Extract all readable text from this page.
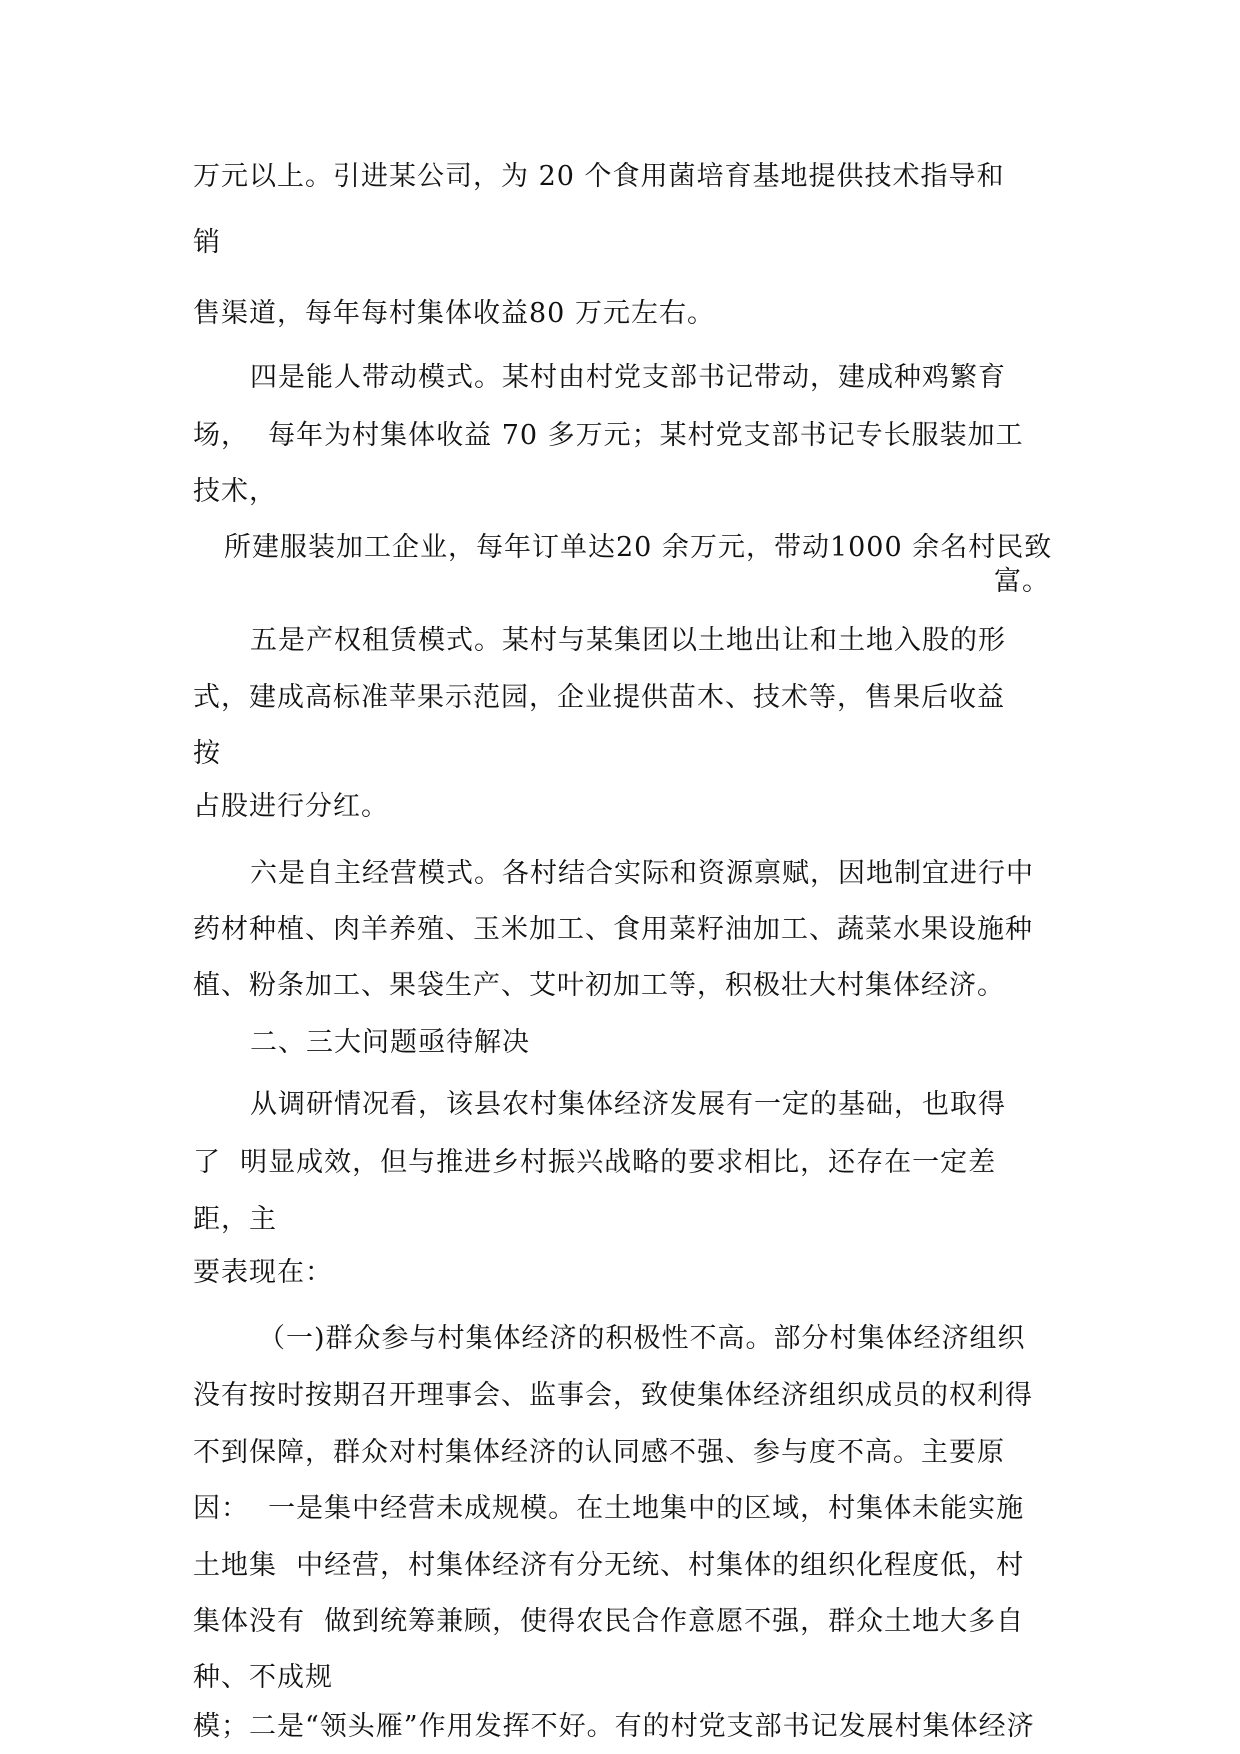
万元以上。引进某公司，为 20 个食用菌培育基地提供技术指导和
销
售渠道，每年每村集体收益80 万元左右。
四是能人带动模式。某村由村党支部书记带动，建成种鸡繁育
场，  每年为村集体收益 70 多万元；某村党支部书记专长服装加工
技术，
所建服装加工企业，每年订单达20 余万元，带动1000 余名村民致
富。
五是产权租赁模式。某村与某集团以土地出让和土地入股的形
式，建成高标准苹果示范园，企业提供苗木、技术等，售果后收益
按
占股进行分红。
六是自主经营模式。各村结合实际和资源禀赋，因地制宜进行中
药材种植、肉羊养殖、玉米加工、食用菜籽油加工、蔬菜水果设施种
植、粉条加工、果袋生产、艾叶初加工等，积极壮大村集体经济。
二、三大问题亟待解决
从调研情况看，该县农村集体经济发展有一定的基础，也取得
了  明显成效，但与推进乡村振兴战略的要求相比，还存在一定差
距，主
要表现在：
（一)群众参与村集体经济的积极性不高。部分村集体经济组织
没有按时按期召开理事会、监事会，致使集体经济组织成员的权利得
不到保障，群众对村集体经济的认同感不强、参与度不高。主要原
因：  一是集中经营未成规模。在土地集中的区域，村集体未能实施
土地集  中经营，村集体经济有分无统、村集体的组织化程度低，村
集体没有  做到统筹兼顾，使得农民合作意愿不强，群众土地大多自
种、不成规
模；二是“领头雁”作用发挥不好。有的村党支部书记发展村集体经济
